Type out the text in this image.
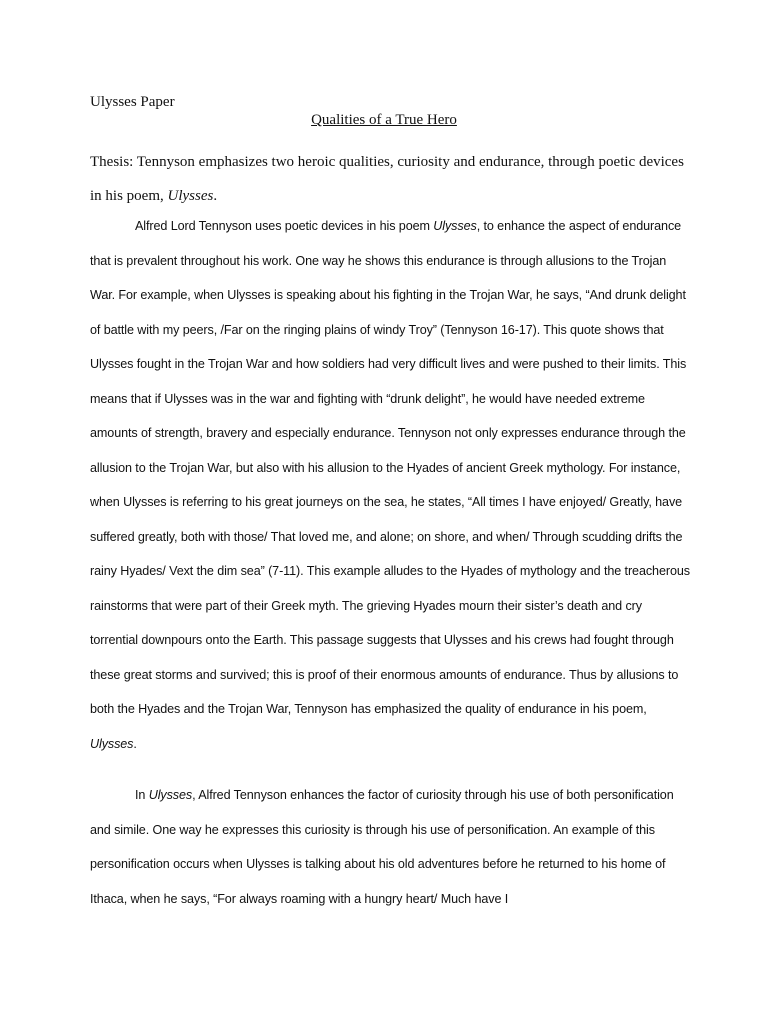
Ulysses Paper

Qualities of a True Hero

Thesis: Tennyson emphasizes two heroic qualities, curiosity and endurance, through poetic devices in his poem, Ulysses.

Alfred Lord Tennyson uses poetic devices in his poem Ulysses, to enhance the aspect of endurance that is prevalent throughout his work. One way he shows this endurance is through allusions to the Trojan War. For example, when Ulysses is speaking about his fighting in the Trojan War, he says, “And drunk delight of battle with my peers, /Far on the ringing plains of windy Troy” (Tennyson 16-17). This quote shows that Ulysses fought in the Trojan War and how soldiers had very difficult lives and were pushed to their limits. This means that if Ulysses was in the war and fighting with “drunk delight”, he would have needed extreme amounts of strength, bravery and especially endurance. Tennyson not only expresses endurance through the allusion to the Trojan War, but also with his allusion to the Hyades of ancient Greek mythology. For instance, when Ulysses is referring to his great journeys on the sea, he states, “All times I have enjoyed/ Greatly, have suffered greatly, both with those/ That loved me, and alone; on shore, and when/ Through scudding drifts the rainy Hyades/ Vext the dim sea” (7-11). This example alludes to the Hyades of mythology and the treacherous rainstorms that were part of their Greek myth. The grieving Hyades mourn their sister’s death and cry torrential downpours onto the Earth. This passage suggests that Ulysses and his crews had fought through these great storms and survived; this is proof of their enormous amounts of endurance. Thus by allusions to both the Hyades and the Trojan War, Tennyson has emphasized the quality of endurance in his poem, Ulysses.

In Ulysses, Alfred Tennyson enhances the factor of curiosity through his use of both personification and simile. One way he expresses this curiosity is through his use of personification. An example of this personification occurs when Ulysses is talking about his old adventures before he returned to his home of Ithaca, when he says, “For always roaming with a hungry heart/ Much have I
